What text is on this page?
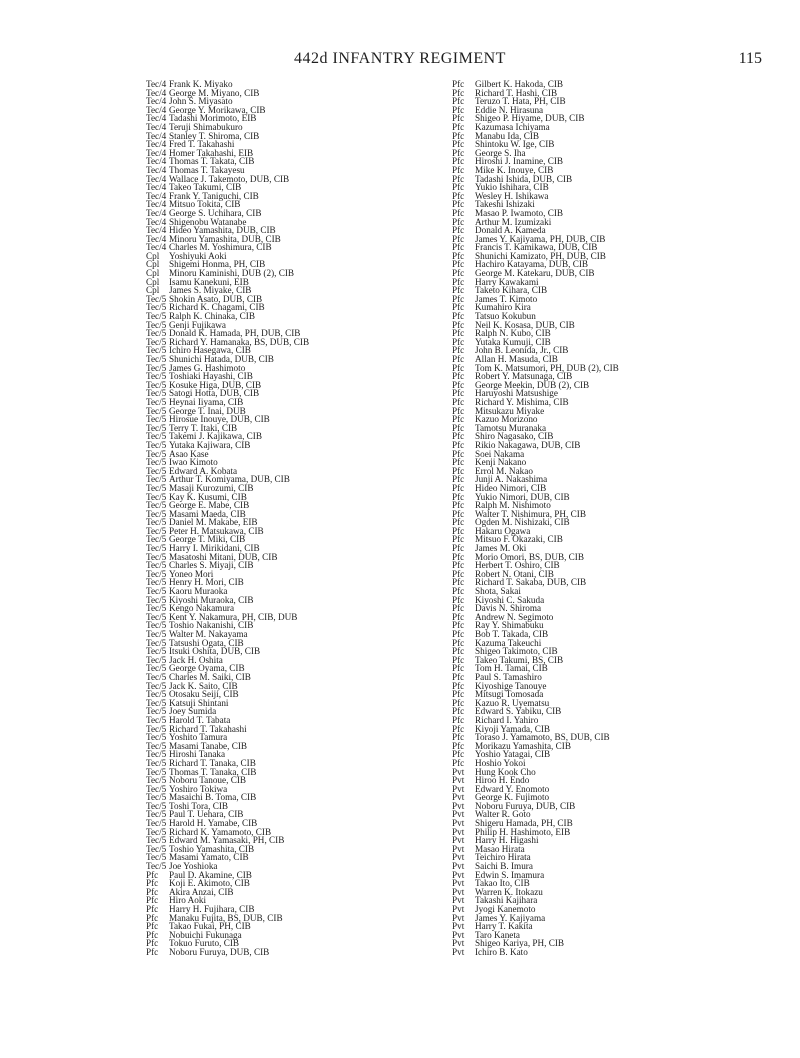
442d INFANTRY REGIMENT	115
Tec/4 Frank K. Miyako
Tec/4 George M. Miyano, CIB
Tec/4 John S. Miyasato
Tec/4 George Y. Morikawa, CIB
Tec/4 Tadashi Morimoto, EIB
Tec/4 Teruji Shimabukuro
Tec/4 Stanley T. Shiroma, CIB
Tec/4 Fred T. Takahashi
Tec/4 Homer Takahashi, EIB
Tec/4 Thomas T. Takata, CIB
Tec/4 Thomas T. Takayesu
Tec/4 Wallace J. Takemoto, DUB, CIB
Tec/4 Takeo Takumi, CIB
Tec/4 Frank Y. Taniguchi, CIB
Tec/4 Mitsuo Tokita, CIB
Tec/4 George S. Uchihara, CIB
Tec/4 Shigenobu Watanabe
Tec/4 Hideo Yamashita, DUB, CIB
Tec/4 Minoru Yamashita, DUB, CIB
Tec/4 Charles M. Yoshimura, CIB
Cpl Yoshiyuki Aoki
Cpl Shigemi Honma, PH, CIB
Cpl Minoru Kaminishi, DUB (2), CIB
Cpl Isamu Kanekuni, EIB
Cpl James S. Miyake, CIB
Tec/5 Shokin Asato, DUB, CIB
Tec/5 Richard K. Chagami, CIB
Tec/5 Ralph K. Chinaka, CIB
Tec/5 Genji Fujikawa
Tec/5 Donald K. Hamada, PH, DUB, CIB
Tec/5 Richard Y. Hamanaka, BS, DUB, CIB
Tec/5 Ichiro Hasegawa, CIB
Tec/5 Shunichi Hatada, DUB, CIB
Tec/5 James G. Hashimoto
Tec/5 Toshiaki Hayashi, CIB
Tec/5 Kosuke Higa, DUB, CIB
Tec/5 Satogi Hotta, DUB, CIB
Tec/5 Heynai Iiyama, CIB
Tec/5 George T. Inai, DUB
Tec/5 Hirosue Inouye, DUB, CIB
Tec/5 Terry T. Itaki, CIB
Tec/5 Takemi J. Kajikawa, CIB
Tec/5 Yutaka Kajiwara, CIB
Tec/5 Asao Kase
Tec/5 Iwao Kimoto
Tec/5 Edward A. Kobata
Tec/5 Arthur T. Komiyama, DUB, CIB
Tec/5 Masaji Kurozumi, CIB
Tec/5 Kay K. Kusumi, CIB
Tec/5 George E. Mabe, CIB
Tec/5 Masami Maeda, CIB
Tec/5 Daniel M. Makabe, EIB
Tec/5 Peter H. Matsukawa, CIB
Tec/5 George T. Miki, CIB
Tec/5 Harry I. Mirikidani, CIB
Tec/5 Masatoshi Mitani, DUB, CIB
Tec/5 Charles S. Miyaji, CIB
Tec/5 Yoneo Mori
Tec/5 Henry H. Mori, CIB
Tec/5 Kaoru Muraoka
Tec/5 Kiyoshi Muraoka, CIB
Tec/5 Kengo Nakamura
Tec/5 Kent Y. Nakamura, PH, CIB, DUB
Tec/5 Toshio Nakanishi, CIB
Tec/5 Walter M. Nakayama
Tec/5 Tatsushi Ogata, CIB
Tec/5 Itsuki Oshita, DUB, CIB
Tec/5 Jack H. Oshita
Tec/5 George Oyama, CIB
Tec/5 Charles M. Saiki, CIB
Tec/5 Jack K. Saito, CIB
Tec/5 Otosaku Seiji, CIB
Tec/5 Katsuji Shintani
Tec/5 Joey Sumida
Tec/5 Harold T. Tabata
Tec/5 Richard T. Takahashi
Tec/5 Yoshito Tamura
Tec/5 Masami Tanabe, CIB
Tec/5 Hiroshi Tanaka
Tec/5 Richard T. Tanaka, CIB
Tec/5 Thomas T. Tanaka, CIB
Tec/5 Noboru Tanoue, CIB
Tec/5 Yoshiro Tokiwa
Tec/5 Masaichi B. Toma, CIB
Tec/5 Toshi Tora, CIB
Tec/5 Paul T. Uehara, CIB
Tec/5 Harold H. Yamabe, CIB
Tec/5 Richard K. Yamamoto, CIB
Tec/5 Edward M. Yamasaki, PH, CIB
Tec/5 Toshio Yamashita, CIB
Tec/5 Masami Yamato, CIB
Tec/5 Joe Yoshioka
Pfc Paul D. Akamine, CIB
Pfc Koji E. Akimoto, CIB
Pfc Akira Anzai, CIB
Pfc Hiro Aoki
Pfc Harry H. Fujihara, CIB
Pfc Manaku Fujita, BS, DUB, CIB
Pfc Takao Fukai, PH, CIB
Pfc Nobuichi Fukunaga
Pfc Tokuo Furuto, CIB
Pfc Noboru Furuya, DUB, CIB
Pfc Gilbert K. Hakoda, CIB
Pfc Richard T. Hashi, CIB
Pfc Teruzo T. Hata, PH, CIB
Pfc Eddie N. Hirasuna
Pfc Shigeo P. Hiyame, DUB, CIB
Pfc Kazumasa Ichiyama
Pfc Manabu Ida, CIB
Pfc Shintoku W. Ige, CIB
Pfc George S. Iha
Pfc Hiroshi J. Inamine, CIB
Pfc Mike K. Inouye, CIB
Pfc Tadashi Ishida, DUB, CIB
Pfc Yukio Ishihara, CIB
Pfc Wesley H. Ishikawa
Pfc Takeshi Ishizaki
Pfc Masao P. Iwamoto, CIB
Pfc Arthur M. Izumizaki
Pfc Donald A. Kameda
Pfc James Y. Kajiyama, PH, DUB, CIB
Pfc Francis T. Kamikawa, DUB, CIB
Pfc Shunichi Kamizato, PH, DUB, CIB
Pfc Hachiro Katayama, DUB, CIB
Pfc George M. Katekaru, DUB, CIB
Pfc Harry Kawakami
Pfc Taketo Kihara, CIB
Pfc James T. Kimoto
Pfc Kumahiro Kira
Pfc Tatsuo Kokubun
Pfc Neil K. Kosasa, DUB, CIB
Pfc Ralph N. Kubo, CIB
Pfc Yutaka Kumuji, CIB
Pfc John B. Leonida, Jr., CIB
Pfc Allan H. Masuda, CIB
Pfc Tom K. Matsumori, PH, DUB (2), CIB
Pfc Robert Y. Matsunaga, CIB
Pfc George Meekin, DUB (2), CIB
Pfc Haruyoshi Matsushige
Pfc Richard Y. Mishima, CIB
Pfc Mitsukazu Miyake
Pfc Kazuo Morizono
Pfc Tamotsu Muranaka
Pfc Shiro Nagasako, CIB
Pfc Rikio Nakagawa, DUB, CIB
Pfc Soei Nakama
Pfc Kenji Nakano
Pfc Errol M. Nakao
Pfc Junji A. Nakashima
Pfc Hideo Nimori, CIB
Pfc Yukio Nimori, DUB, CIB
Pfc Ralph M. Nishimoto
Pfc Walter T. Nishimura, PH, CIB
Pfc Ogden M. Nishizaki, CIB
Pfc Hakaru Ogawa
Pfc Mitsuo F. Okazaki, CIB
Pfc James M. Oki
Pfc Morio Omori, BS, DUB, CIB
Pfc Herbert T. Oshiro, CIB
Pfc Robert N. Otani, CIB
Pfc Richard T. Sakaba, DUB, CIB
Pfc Shota, Sakai
Pfc Kiyoshi C. Sakuda
Pfc Davis N. Shiroma
Pfc Andrew N. Segimoto
Pfc Ray Y. Shimabuku
Pfc Bob T. Takada, CIB
Pfc Kazuma Takeuchi
Pfc Shigeo Takimoto, CIB
Pfc Takeo Takumi, BS, CIB
Pfc Tom H. Tamai, CIB
Pfc Paul S. Tamashiro
Pfc Kiyoshige Tanouye
Pfc Mitsugi Tomosada
Pfc Kazuo R. Uyematsu
Pfc Edward S. Yabiku, CIB
Pfc Richard I. Yahiro
Pfc Kiyoji Yamada, CIB
Pfc Toraso J. Yamamoto, BS, DUB, CIB
Pfc Morikazu Yamashita, CIB
Pfc Yoshio Yatagai, CIB
Pfc Hoshio Yokoi
Pvt Hung Kook Cho
Pvt Hiroo H. Endo
Pvt Edward Y. Enomoto
Pvt George K. Fujimoto
Pvt Noboru Furuya, DUB, CIB
Pvt Walter R. Goto
Pvt Shigeru Hamada, PH, CIB
Pvt Philip H. Hashimoto, EIB
Pvt Harry H. Higashi
Pvt Masao Hirata
Pvt Teichiro Hirata
Pvt Saichi B. Imura
Pvt Edwin S. Imamura
Pvt Takao Ito, CIB
Pvt Warren K. Itokazu
Pvt Takashi Kajihara
Pvt Jyogi Kanemoto
Pvt James Y. Kajiyama
Pvt Harry T. Kakita
Pvt Taro Kaneta
Pvt Shigeo Kariya, PH, CIB
Pvt Ichiro B. Kato
